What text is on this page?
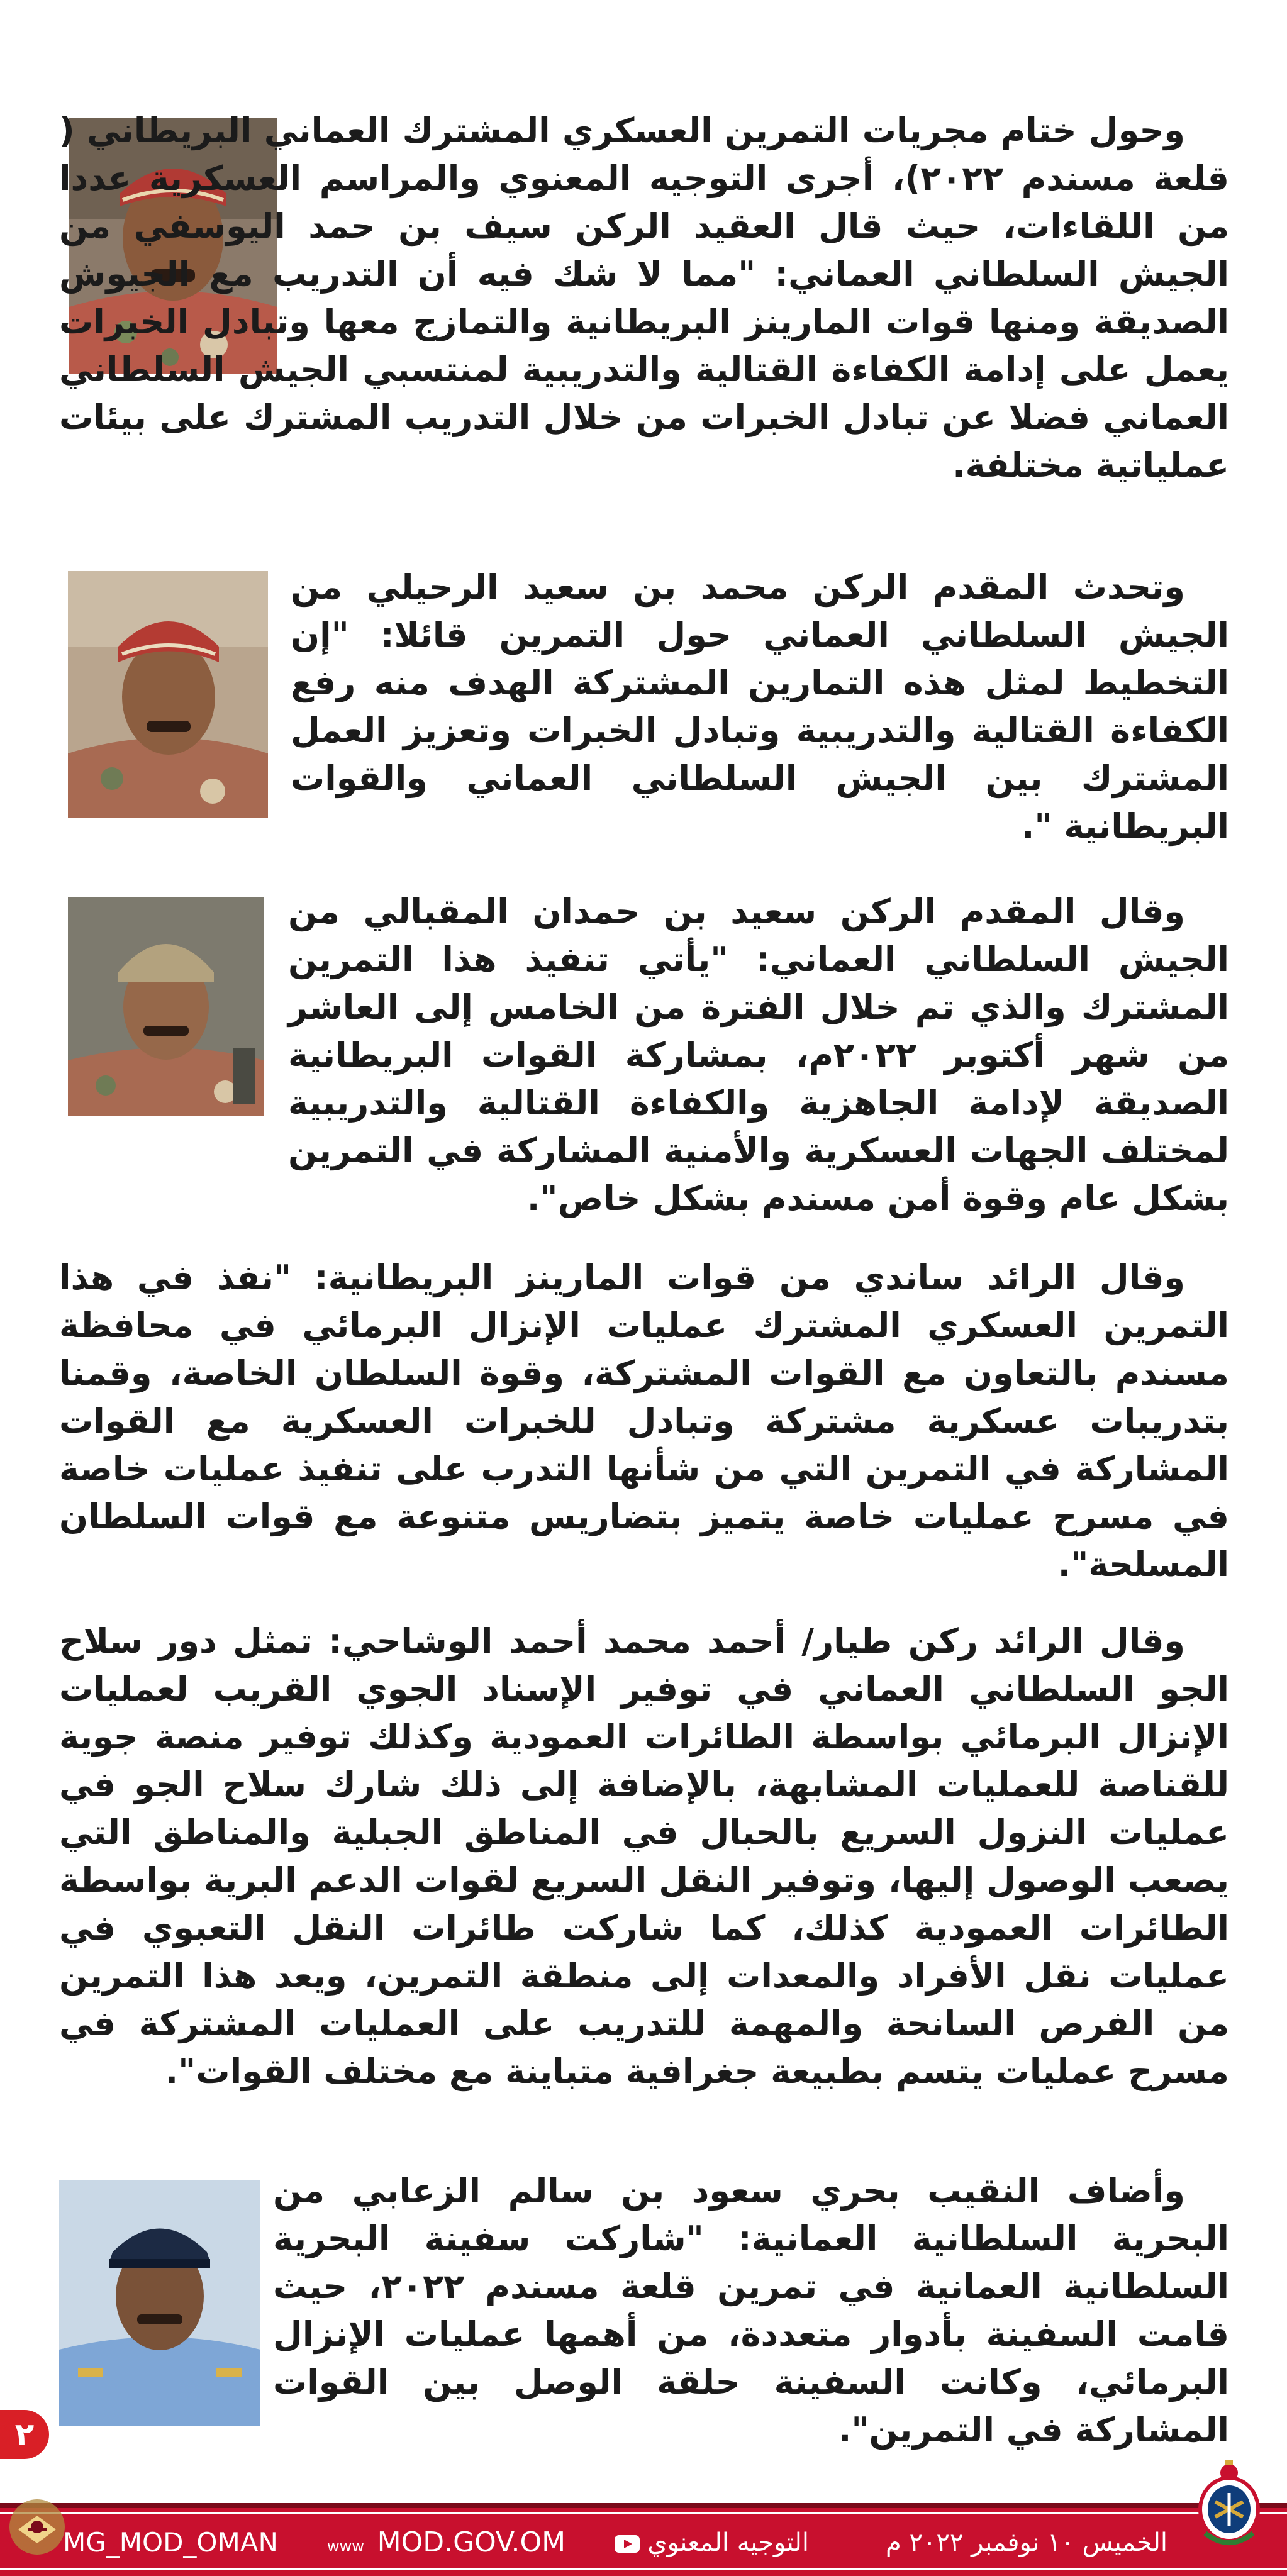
وحول ختام مجريات التمرين العسكري المشترك العماني البريطاني ( قلعة مسندم ٢٠٢٢)، أجرى التوجيه المعنوي والمراسم العسكرية عددا من اللقاءات، حيث قال العقيد الركن سيف بن حمد اليوسفي من الجيش السلطاني العماني: "مما لا شك فيه أن التدريب مع الجيوش الصديقة ومنها قوات المارينز البريطانية والتمازج معها وتبادل الخبرات يعمل على إدامة الكفاءة القتالية والتدريبية لمنتسبي الجيش السلطاني العماني فضلا عن تبادل الخبرات من خلال التدريب المشترك على بيئات عملياتية مختلفة.

وتحدث المقدم الركن محمد بن سعيد الرحيلي من الجيش السلطاني العماني حول التمرين قائلا: "إن التخطيط لمثل هذه التمارين المشتركة الهدف منه رفع الكفاءة القتالية والتدريبية وتبادل الخبرات وتعزيز العمل المشترك بين الجيش السلطاني العماني والقوات البريطانية ".

وقال المقدم الركن سعيد بن حمدان المقبالي من الجيش السلطاني العماني: "يأتي تنفيذ هذا التمرين المشترك والذي تم خلال الفترة من الخامس إلى العاشر من شهر أكتوبر ٢٠٢٢م، بمشاركة القوات البريطانية الصديقة لإدامة الجاهزية والكفاءة القتالية والتدريبية لمختلف الجهات العسكرية والأمنية المشاركة في التمرين بشكل عام وقوة أمن مسندم بشكل خاص".

وقال الرائد ساندي من قوات المارينز البريطانية: "نفذ في هذا التمرين العسكري المشترك عمليات الإنزال البرمائي في محافظة مسندم بالتعاون مع القوات المشتركة، وقوة السلطان الخاصة، وقمنا بتدريبات عسكرية مشتركة وتبادل للخبرات العسكرية مع القوات المشاركة في التمرين التي من شأنها التدرب على تنفيذ عمليات خاصة في مسرح عمليات خاصة يتميز بتضاريس متنوعة مع قوات السلطان المسلحة".

وقال الرائد ركن طيار/ أحمد محمد أحمد الوشاحي: تمثل دور سلاح الجو السلطاني العماني في توفير الإسناد الجوي القريب لعمليات الإنزال البرمائي بواسطة الطائرات العمودية وكذلك توفير منصة جوية للقناصة للعمليات المشابهة، بالإضافة إلى ذلك شارك سلاح الجو في عمليات النزول السريع بالحبال في المناطق الجبلية والمناطق التي يصعب الوصول إليها، وتوفير النقل السريع لقوات الدعم البرية بواسطة الطائرات العمودية كذلك، كما شاركت طائرات النقل التعبوي في عمليات نقل الأفراد والمعدات إلى منطقة التمرين، ويعد هذا التمرين من الفرص السانحة والمهمة للتدريب على العمليات المشتركة في مسرح عمليات يتسم بطبيعة جغرافية متباينة مع مختلف القوات".

وأضاف النقيب بحري سعود بن سالم الزعابي من البحرية السلطانية العمانية: "شاركت سفينة البحرية السلطانية العمانية في تمرين قلعة مسندم ٢٠٢٢، حيث قامت السفينة بأدوار متعددة، من أهمها عمليات الإنزال البرمائي، وكانت السفينة حلقة الوصل بين القوات المشاركة في التمرين".

٢
الخميس ١٠ نوفمبر ٢٠٢٢ م
التوجيه المعنوي
www MOD.GOV.OM
MG_MOD_OMAN
